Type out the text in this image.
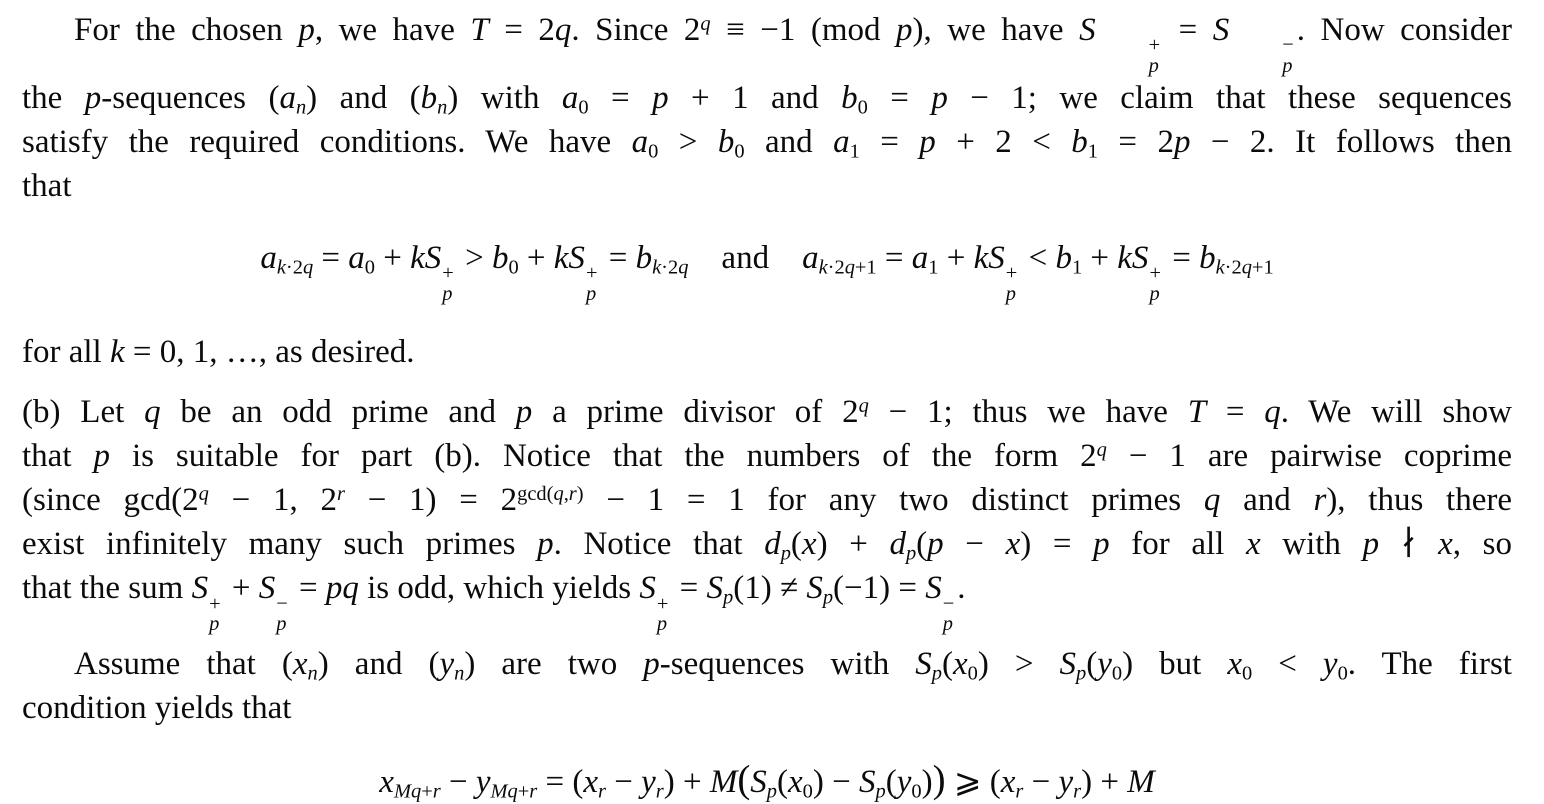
For the chosen p, we have T = 2q. Since $2^q \equiv -1$ (mod p), we have S	+
p
= S	−
p
. Now consider
the p-sequences $(a_n)$ and $(b_n)$ with $a_0 = p + 1$ and $b_0 = p - 1$; we claim that these sequences
satisfy the required conditions. We have $a_0 > b_0$ and $a_1 = p + 2 < b_1 = 2p - 2$. It follows then
that
$a_{k\cdot 2q} = a_0$ + kS +
p
> $b_0$ + kS +
p
= $b_{k\cdot 2q}$ and $a_{k\cdot 2q+1} = a_1$ + kS +
p
< $b_1$ + kS +
p
= $b_{k\cdot 2q+1}$
for all k = 0, 1, …, as desired.
(b) Let q be an odd prime and p a prime divisor of $2^q - 1$; thus we have T = q. We will show
that p is suitable for part (b). Notice that the numbers of the form $2^q - 1$ are pairwise coprime
(since $\gcd(2^q - 1$, $2^r - 1) = 2^{gcd(q,r)} - 1 = 1$ for any two distinct primes q and r), thus there
exist infinitely many such primes p. Notice that $d_p(x) + d_p(p - x) = p$ for all x with p ∤ x, so
that the sum S +
p
+ S −
p
= pq is odd, which yields S +
p
= $S_p(1) \ne S_p(-1) = S$ −
p
.
Assume that $(x_n)$ and $(y_n)$ are two p-sequences with $S_p(x_0) > S_p(y_0)$ but $x_0 < y_0$. The first
condition yields that
$x_{Mq+r} - y_{Mq+r} = (x_r - y_r) + M(S_p(x_0) - S_p(y_0))$ ⩾ $(x_r - y_r) + M$
